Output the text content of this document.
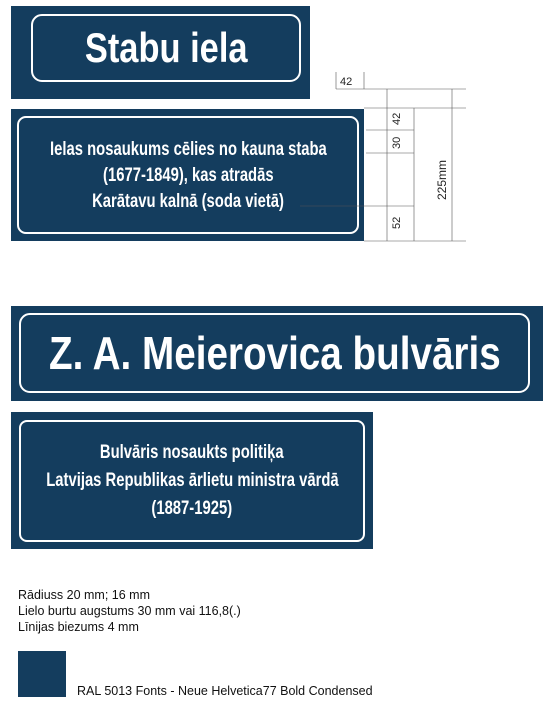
Stabu iela
Ielas nosaukums cēlies no kauna staba
(1677-1849), kas atradās
Karātavu kalnā (soda vietā)
42
42
30
52
225mm
Z. A. Meierovica bulvāris
Bulvāris nosaukts politiķa
Latvijas Republikas ārlietu ministra vārdā
(1887-1925)
Rādiuss 20 mm; 16 mm
Lielo burtu augstums 30 mm vai 116,8(.)
Līnijas biezums 4 mm
RAL 5013 Fonts - Neue Helvetica77 Bold Condensed
